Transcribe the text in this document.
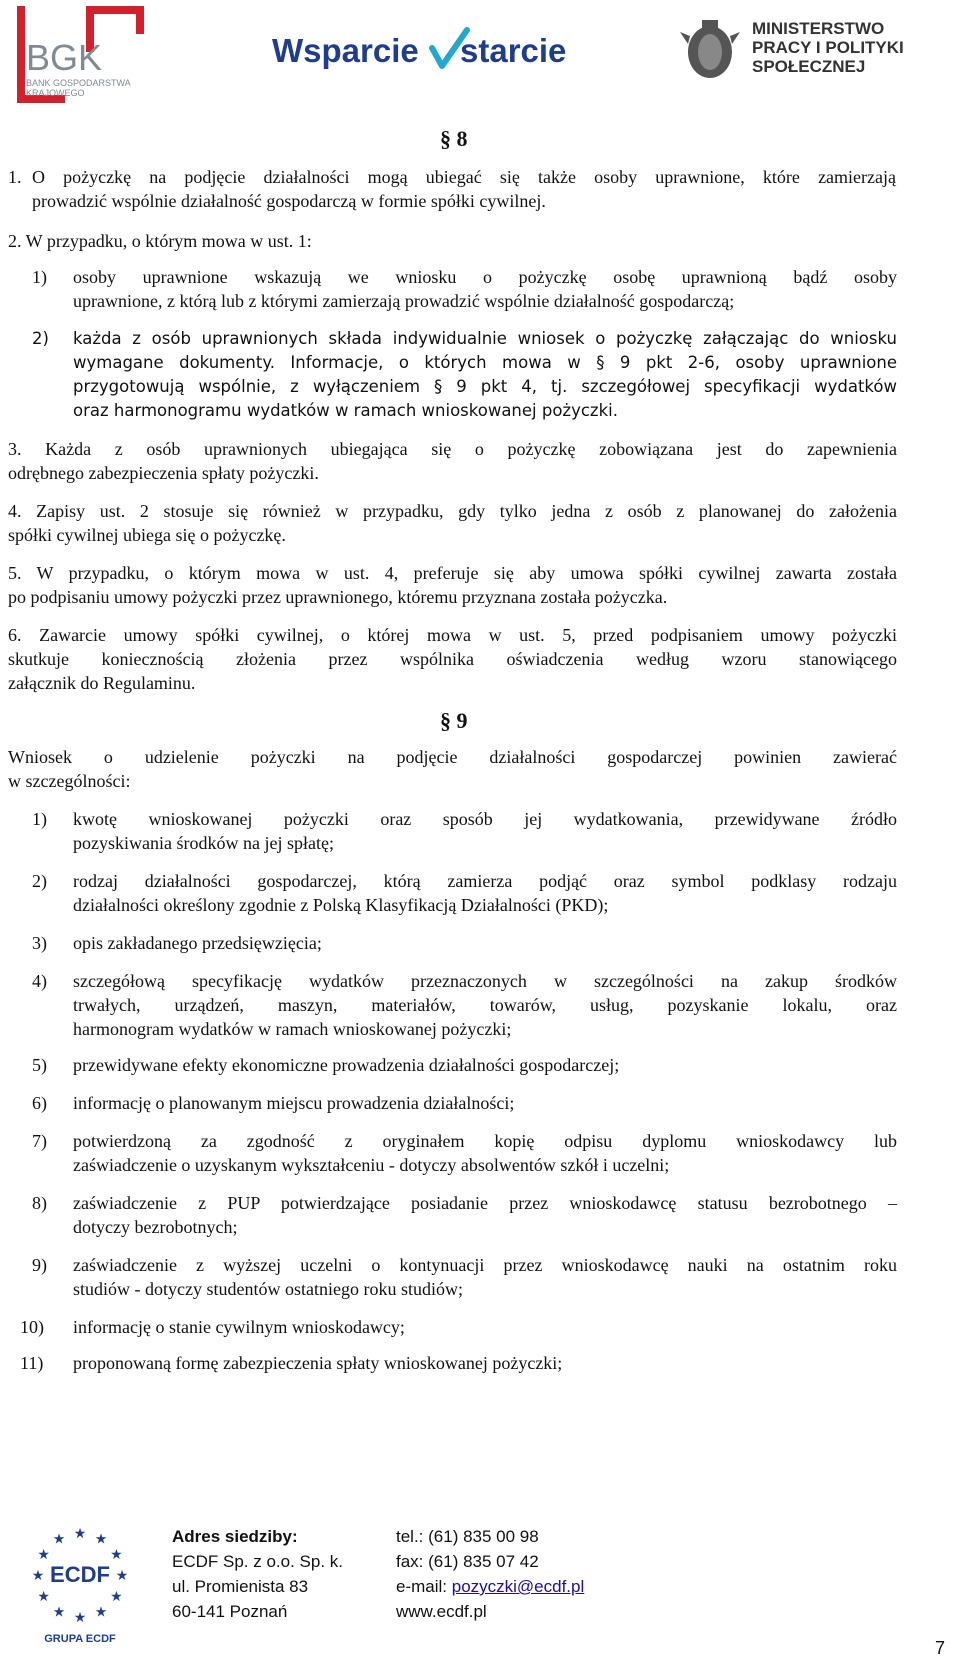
BGK
BANK GOSPODARSTWA
KRAJOWEGO
Wsparcie starcie
MINISTERSTWO
PRACY I POLITYKI
SPOŁECZNEJ
§ 8
1. O pożyczkę na podjęcie działalności mogą ubiegać się także osoby uprawnione, które zamierzają
prowadzić wspólnie działalność gospodarczą w formie spółki cywilnej.
2. W przypadku, o którym mowa w ust. 1:
1) osoby uprawnione wskazują we wniosku o pożyczkę osobę uprawnioną bądź osoby
uprawnione, z którą lub z którymi zamierzają prowadzić wspólnie działalność gospodarczą;
2) każda z osób uprawnionych składa indywidualnie wniosek o pożyczkę załączając do wniosku
wymagane dokumenty. Informacje, o których mowa w § 9 pkt 2-6, osoby uprawnione
przygotowują wspólnie, z wyłączeniem § 9 pkt 4, tj. szczegółowej specyfikacji wydatków
oraz harmonogramu wydatków w ramach wnioskowanej pożyczki.
3. Każda z osób uprawnionych ubiegająca się o pożyczkę zobowiązana jest do zapewnienia
odrębnego zabezpieczenia spłaty pożyczki.
4. Zapisy ust. 2 stosuje się również w przypadku, gdy tylko jedna z osób z planowanej do założenia
spółki cywilnej ubiega się o pożyczkę.
5. W przypadku, o którym mowa w ust. 4, preferuje się aby umowa spółki cywilnej zawarta została
po podpisaniu umowy pożyczki przez uprawnionego, któremu przyznana została pożyczka.
6. Zawarcie umowy spółki cywilnej, o której mowa w ust. 5, przed podpisaniem umowy pożyczki
skutkuje koniecznością złożenia przez wspólnika oświadczenia według wzoru stanowiącego
załącznik do Regulaminu.
§ 9
Wniosek o udzielenie pożyczki na podjęcie działalności gospodarczej powinien zawierać
w szczególności:
1) kwotę wnioskowanej pożyczki oraz sposób jej wydatkowania, przewidywane źródło
pozyskiwania środków na jej spłatę;
2) rodzaj działalności gospodarczej, którą zamierza podjąć oraz symbol podklasy rodzaju
działalności określony zgodnie z Polską Klasyfikacją Działalności (PKD);
3) opis zakładanego przedsięwzięcia;
4) szczegółową specyfikację wydatków przeznaczonych w szczególności na zakup środków
trwałych, urządzeń, maszyn, materiałów, towarów, usług, pozyskanie lokalu, oraz
harmonogram wydatków w ramach wnioskowanej pożyczki;
5) przewidywane efekty ekonomiczne prowadzenia działalności gospodarczej;
6) informację o planowanym miejscu prowadzenia działalności;
7) potwierdzoną za zgodność z oryginałem kopię odpisu dyplomu wnioskodawcy lub
zaświadczenie o uzyskanym wykształceniu - dotyczy absolwentów szkół i uczelni;
8) zaświadczenie z PUP potwierdzające posiadanie przez wnioskodawcę statusu bezrobotnego –
dotyczy bezrobotnych;
9) zaświadczenie z wyższej uczelni o kontynuacji przez wnioskodawcę nauki na ostatnim roku
studiów - dotyczy studentów ostatniego roku studiów;
10) informację o stanie cywilnym wnioskodawcy;
11) proponowaną formę zabezpieczenia spłaty wnioskowanej pożyczki;
★ ★
★
★
★
★
★
★
★
★
★
★
ECDF
GRUPA ECDF
Adres siedziby:
ECDF Sp. z o.o. Sp. k.
ul. Promienista 83
60-141 Poznań
tel.: (61) 835 00 98
fax: (61) 835 07 42
e-mail: pozyczki@ecdf.pl
www.ecdf.pl
7
